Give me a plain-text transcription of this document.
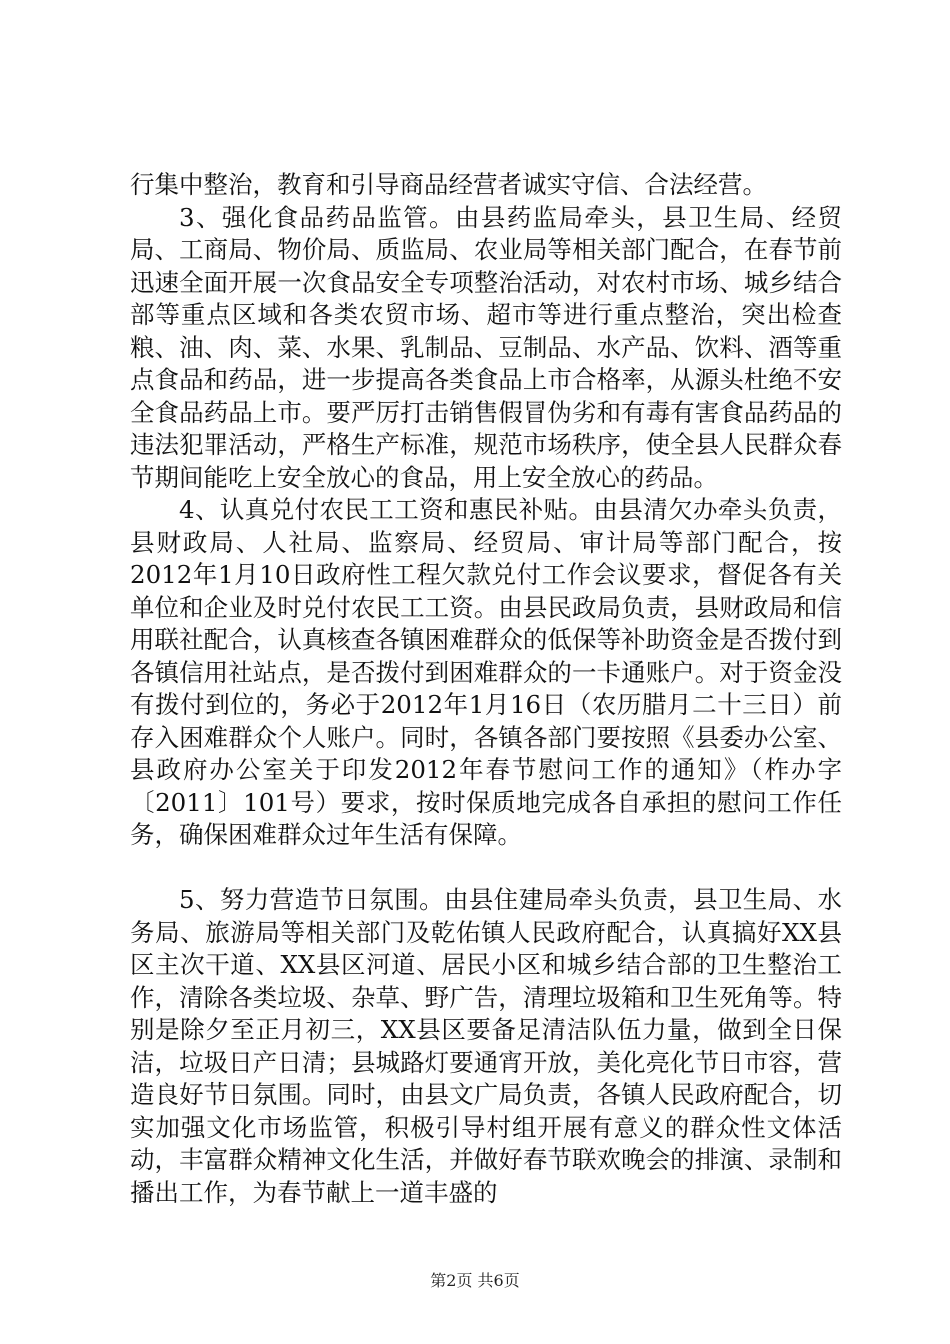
行集中整治，教育和引导商品经营者诚实守信、合法经营。

3、强化食品药品监管。由县药监局牵头，县卫生局、经贸局、工商局、物价局、质监局、农业局等相关部门配合，在春节前迅速全面开展一次食品安全专项整治活动，对农村市场、城乡结合部等重点区域和各类农贸市场、超市等进行重点整治，突出检查粮、油、肉、菜、水果、乳制品、豆制品、水产品、饮料、酒等重点食品和药品，进一步提高各类食品上市合格率，从源头杜绝不安全食品药品上市。要严厉打击销售假冒伪劣和有毒有害食品药品的违法犯罪活动，严格生产标准，规范市场秩序，使全县人民群众春节期间能吃上安全放心的食品，用上安全放心的药品。

4、认真兑付农民工工资和惠民补贴。由县清欠办牵头负责，县财政局、人社局、监察局、经贸局、审计局等部门配合，按2012年1月10日政府性工程欠款兑付工作会议要求，督促各有关单位和企业及时兑付农民工工资。由县民政局负责，县财政局和信用联社配合，认真核查各镇困难群众的低保等补助资金是否拨付到各镇信用社站点，是否拨付到困难群众的一卡通账户。对于资金没有拨付到位的，务必于2012年1月16日（农历腊月二十三日）前存入困难群众个人账户。同时，各镇各部门要按照《县委办公室、县政府办公室关于印发2012年春节慰问工作的通知》（柞办字〔2011〕101号）要求，按时保质地完成各自承担的慰问工作任务，确保困难群众过年生活有保障。

5、努力营造节日氛围。由县住建局牵头负责，县卫生局、水务局、旅游局等相关部门及乾佑镇人民政府配合，认真搞好XX县区主次干道、XX县区河道、居民小区和城乡结合部的卫生整治工作，清除各类垃圾、杂草、野广告，清理垃圾箱和卫生死角等。特别是除夕至正月初三，XX县区要备足清洁队伍力量，做到全日保洁，垃圾日产日清；县城路灯要通宵开放，美化亮化节日市容，营造良好节日氛围。同时，由县文广局负责，各镇人民政府配合，切实加强文化市场监管，积极引导村组开展有意义的群众性文体活动，丰富群众精神文化生活，并做好春节联欢晚会的排演、录制和播出工作，为春节献上一道丰盛的

第2页 共6页
